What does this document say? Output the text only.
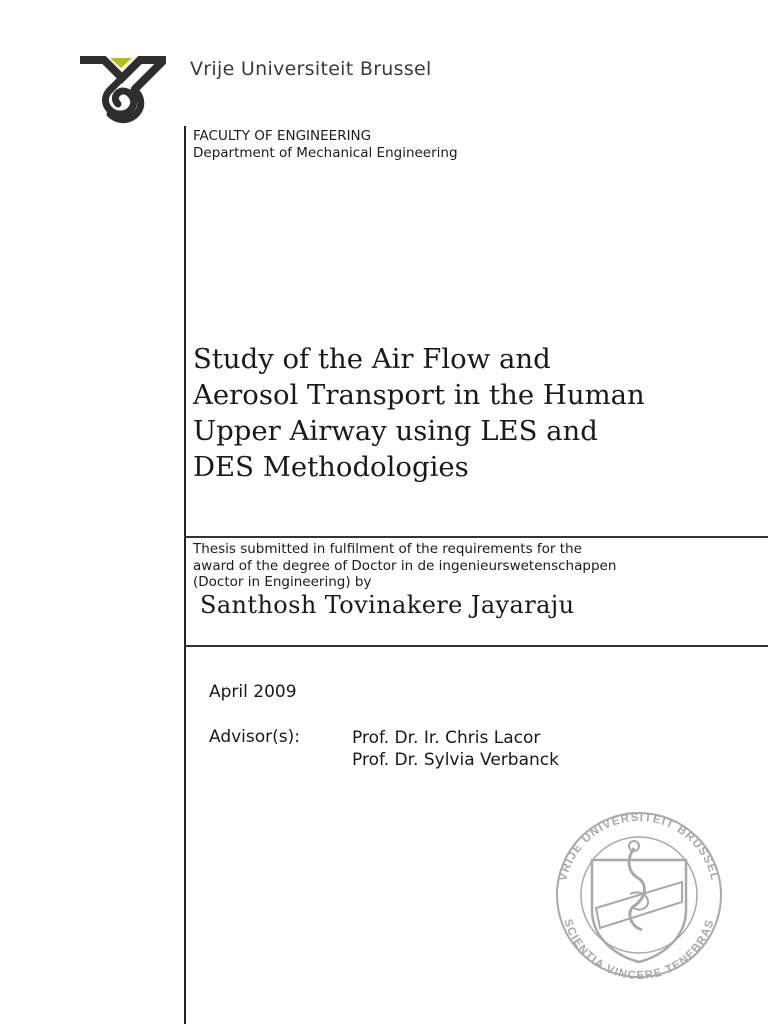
Vrije Universiteit Brussel
FACULTY OF ENGINEERING
Department of Mechanical Engineering
Study of the Air Flow and
Aerosol Transport in the Human
Upper Airway using LES and
DES Methodologies
Thesis submitted in fulfilment of the requirements for the
award of the degree of Doctor in de ingenieurswetenschappen
(Doctor in Engineering) by
Santhosh Tovinakere Jayaraju
April 2009
Advisor(s):	Prof. Dr. Ir. Chris Lacor
Prof. Dr. Sylvia Verbanck
VRIJE UNIVERSITEIT BRUSSEL
SCIENTIA VINCERE TENEBRAS
